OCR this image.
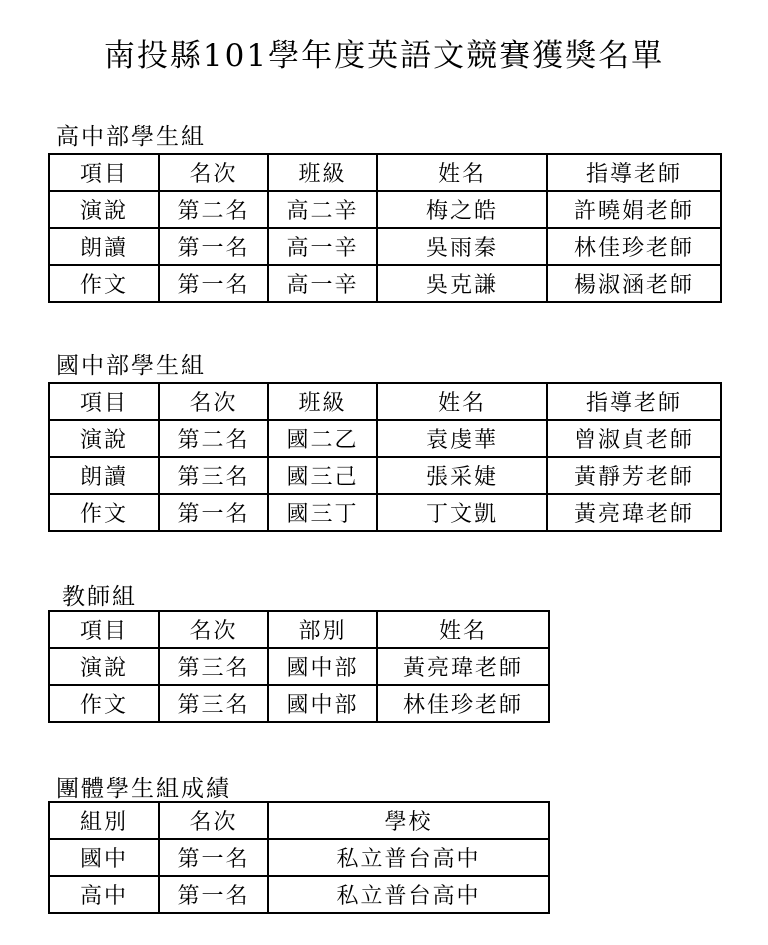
南投縣101學年度英語文競賽獲獎名單
高中部學生組
項目	名次	班級	姓名	指導老師
演說	第二名	高二辛	梅之皓	許曉娟老師
朗讀	第一名	高一辛	吳雨秦	林佳珍老師
作文	第一名	高一辛	吳克謙	楊淑涵老師
國中部學生組
項目	名次	班級	姓名	指導老師
演說	第二名	國二乙	袁虔華	曾淑貞老師
朗讀	第三名	國三己	張采婕	黃靜芳老師
作文	第一名	國三丁	丁文凱	黃亮瑋老師
教師組
項目	名次	部別	姓名
演說	第三名	國中部	黃亮瑋老師
作文	第三名	國中部	林佳珍老師
團體學生組成績
組別	名次	學校
國中	第一名	私立普台高中
高中	第一名	私立普台高中
